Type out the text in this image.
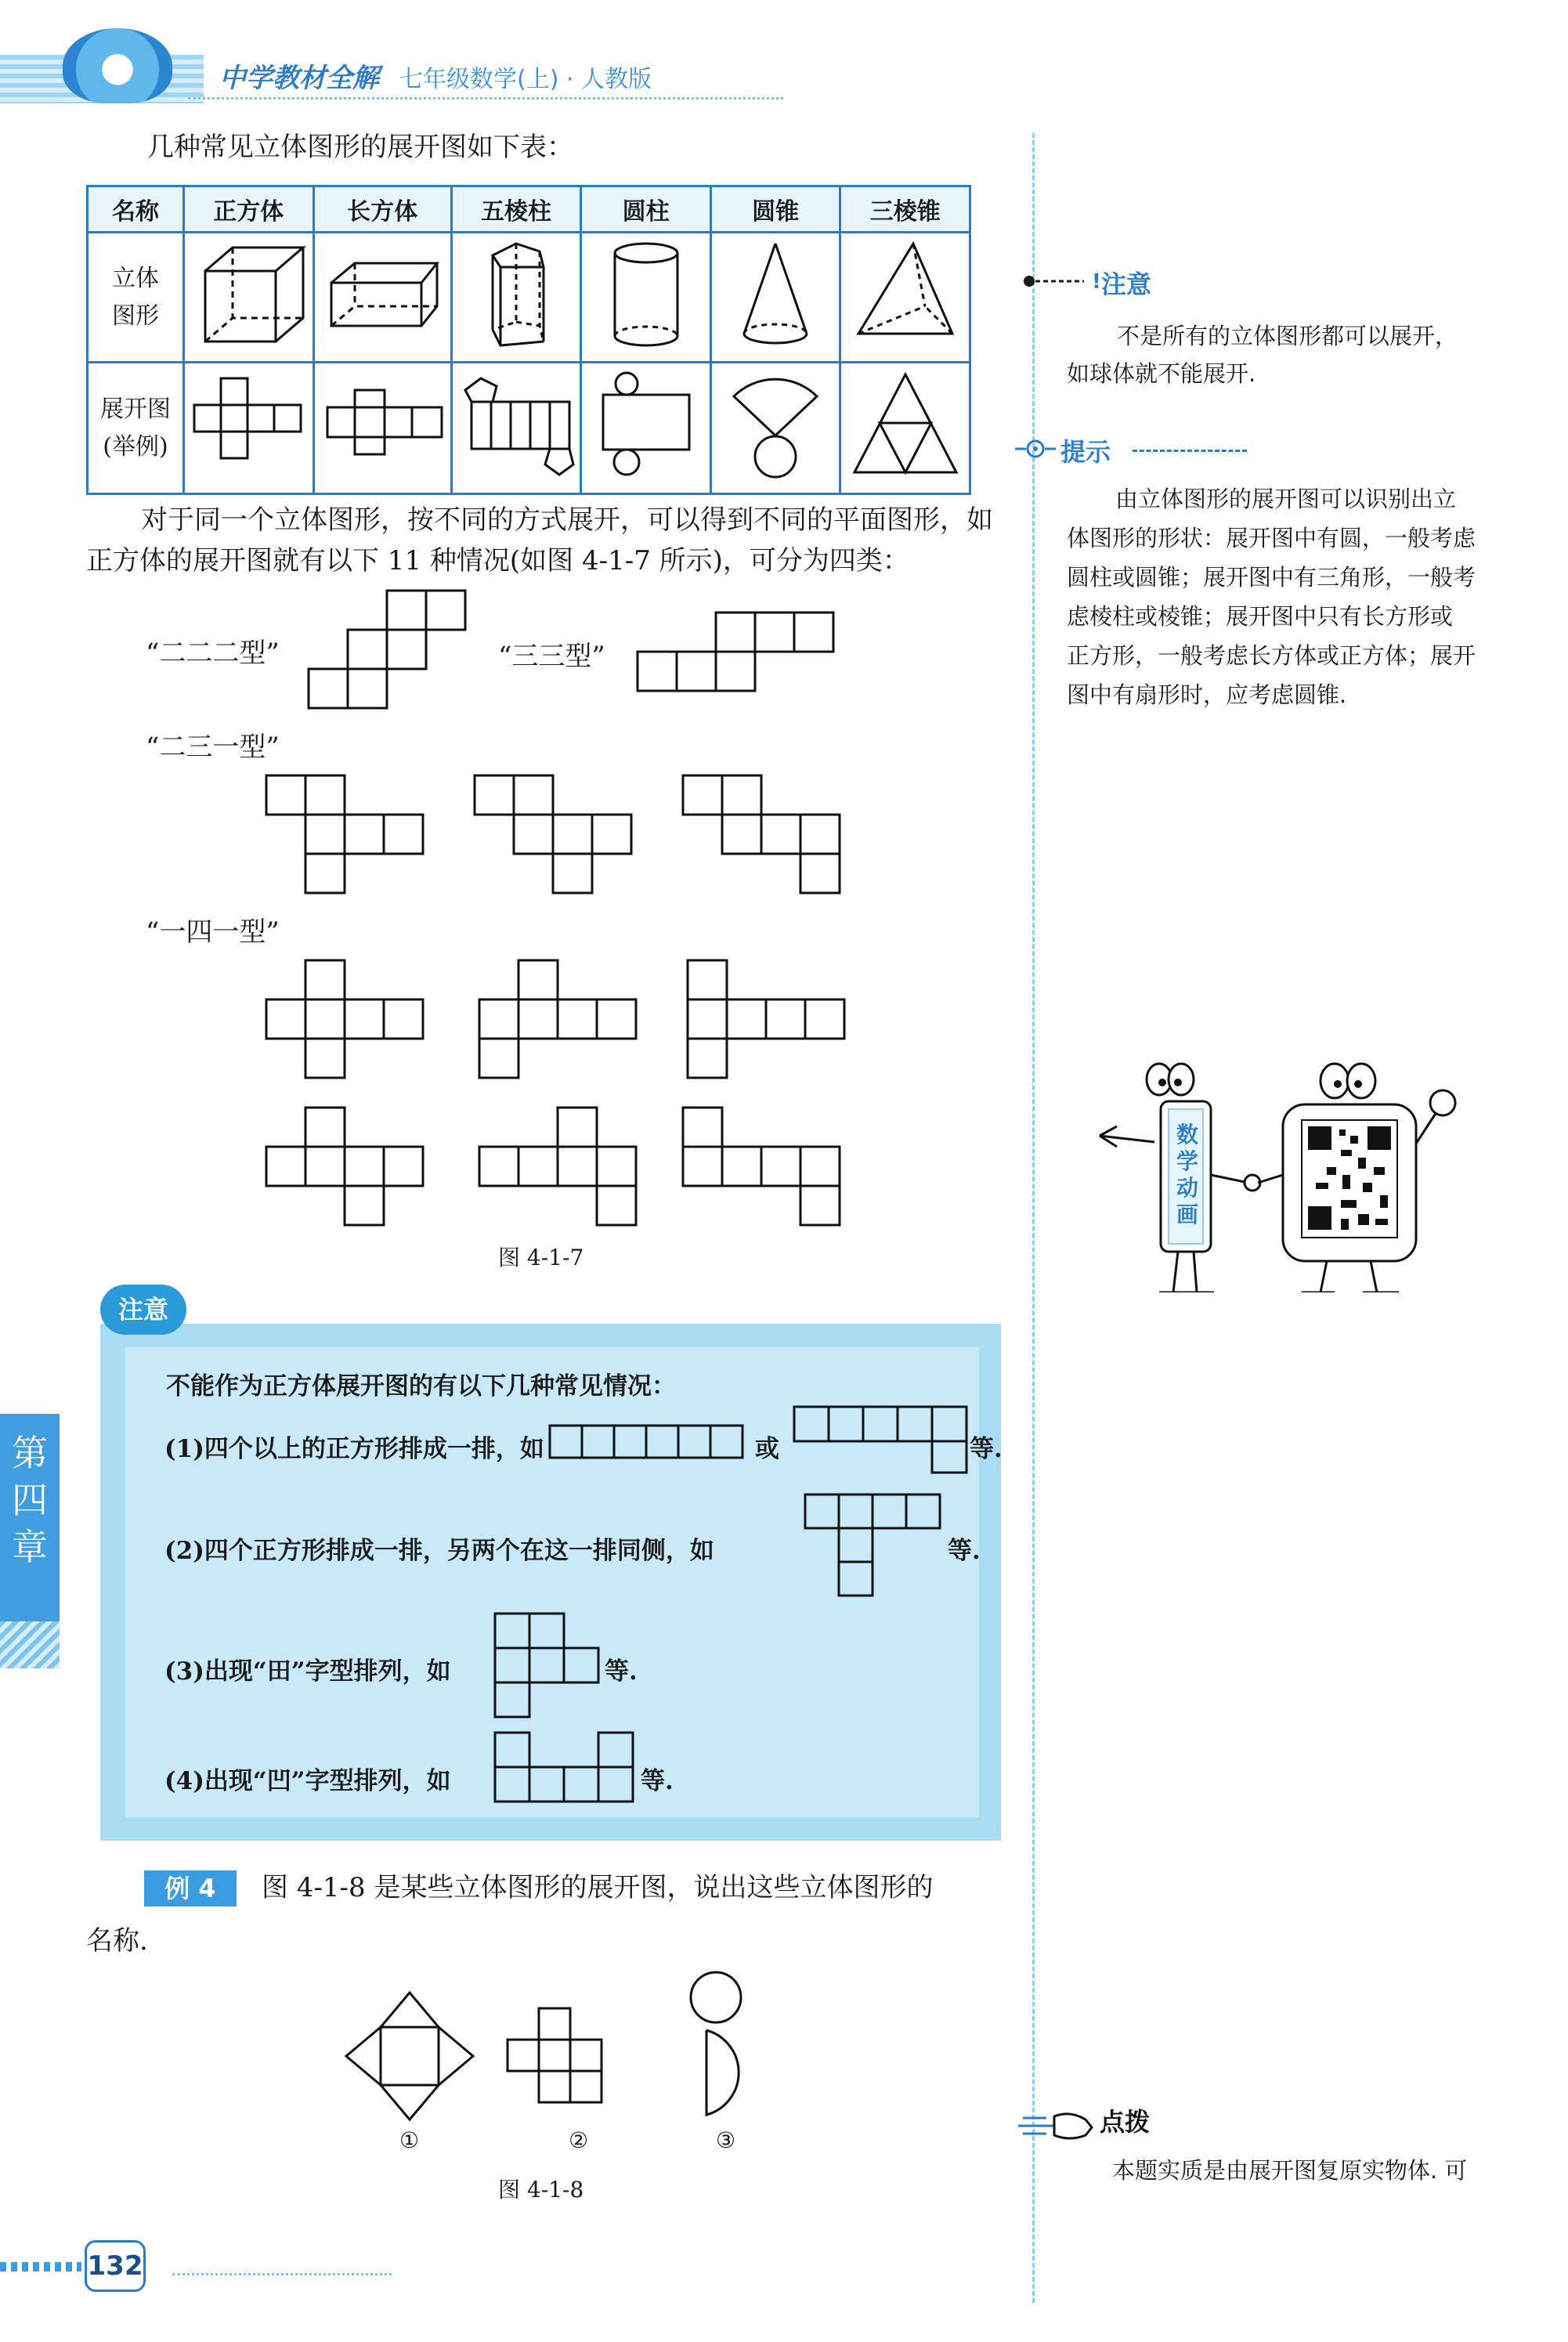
中学教材全解 七年级数学(上) · 人教版

几种常见立体图形的展开图如下表：

名称	正方体	长方体	五棱柱	圆柱	圆锥	三棱锥

立体
图形

展开图
(举例)

对于同一个立体图形，按不同的方式展开，可以得到不同的平面图形，如正方体的展开图就有以下 11 种情况(如图 4-1-7 所示)，可分为四类：

“二二二型”	“三三型”
“二三一型”
“一四一型”
图 4-1-7
注意
不能作为正方体展开图的有以下几种常见情况：
(1)四个以上的正方形排成一排，如	或	等.
(2)四个正方形排成一排，另两个在这一排同侧，如	等.
(3)出现“田”字型排列，如	等.
(4)出现“凹”字型排列，如	等.
例 4	图 4-1-8 是某些立体图形的展开图，说出这些立体图形的

名称.

①	②	③
图 4-1-8
! 注意

不是所有的立体图形都可以展开，

如球体就不能展开.

提示

由立体图形的展开图可以识别出立

体图形的形状：展开图中有圆，一般考虑

圆柱或圆锥；展开图中有三角形，一般考

虑棱柱或棱锥；展开图中只有长方形或

正方形，一般考虑长方体或正方体；展开

图中有扇形时，应考虑圆锥.

数
学
动
画
点拨

本题实质是由展开图复原实物体. 可

第
四
章
132
